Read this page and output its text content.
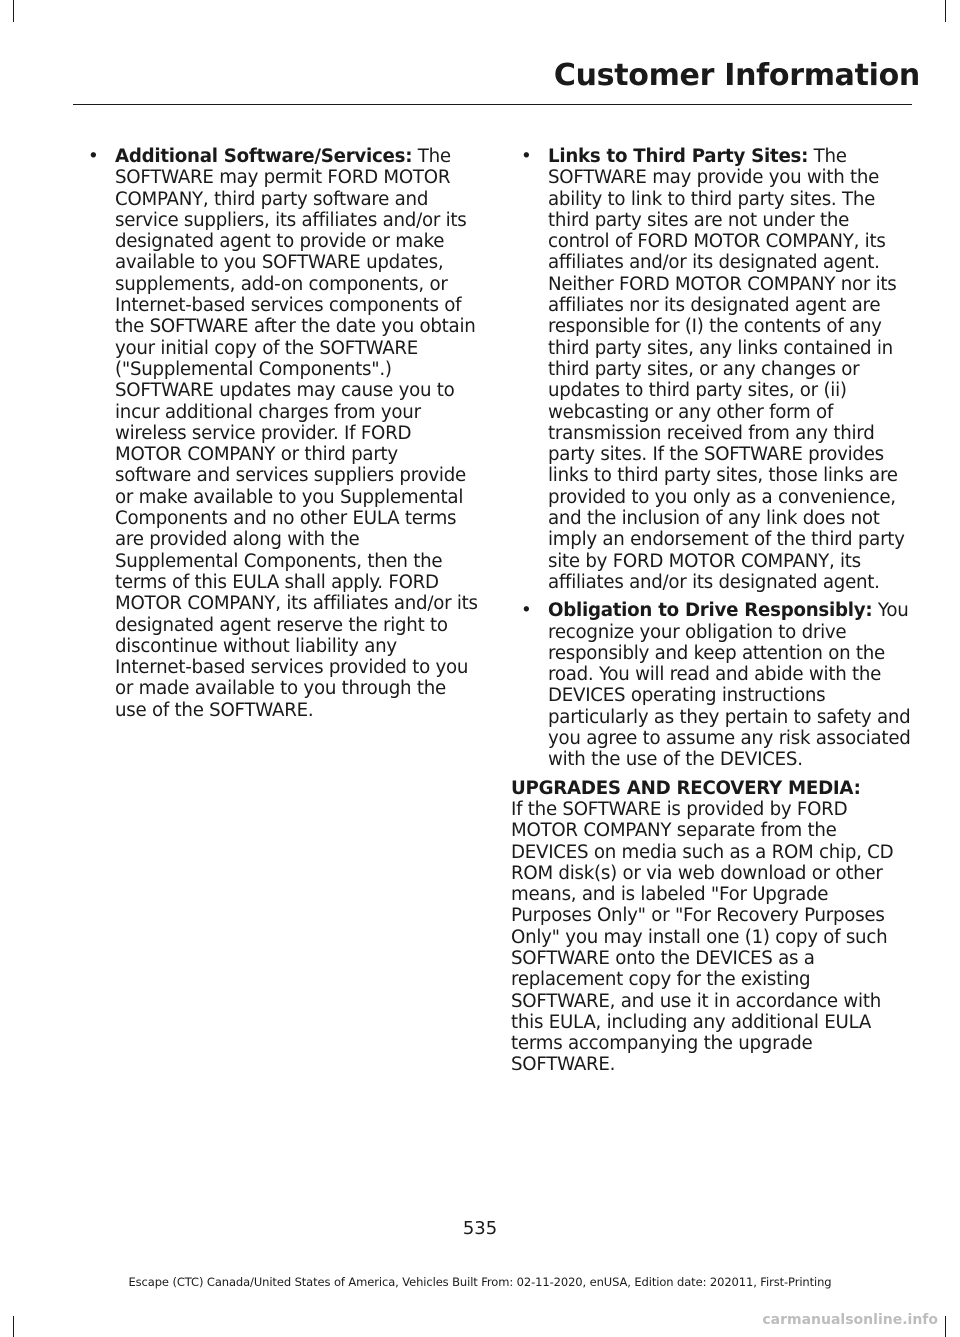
Customer Information

• Additional Software/Services: The SOFTWARE may permit FORD MOTOR COMPANY, third party software and service suppliers, its affiliates and/or its designated agent to provide or make available to you SOFTWARE updates, supplements, add-on components, or Internet-based services components of the SOFTWARE after the date you obtain your initial copy of the SOFTWARE ("Supplemental Components".) SOFTWARE updates may cause you to incur additional charges from your wireless service provider. If FORD MOTOR COMPANY or third party software and services suppliers provide or make available to you Supplemental Components and no other EULA terms are provided along with the Supplemental Components, then the terms of this EULA shall apply. FORD MOTOR COMPANY, its affiliates and/or its designated agent reserve the right to discontinue without liability any Internet-based services provided to you or made available to you through the use of the SOFTWARE.

• Links to Third Party Sites: The SOFTWARE may provide you with the ability to link to third party sites. The third party sites are not under the control of FORD MOTOR COMPANY, its affiliates and/or its designated agent. Neither FORD MOTOR COMPANY nor its affiliates nor its designated agent are responsible for (I) the contents of any third party sites, any links contained in third party sites, or any changes or updates to third party sites, or (ii) webcasting or any other form of transmission received from any third party sites. If the SOFTWARE provides links to third party sites, those links are provided to you only as a convenience, and the inclusion of any link does not imply an endorsement of the third party site by FORD MOTOR COMPANY, its affiliates and/or its designated agent.

• Obligation to Drive Responsibly: You recognize your obligation to drive responsibly and keep attention on the road. You will read and abide with the DEVICES operating instructions particularly as they pertain to safety and you agree to assume any risk associated with the use of the DEVICES.

UPGRADES AND RECOVERY MEDIA:
If the SOFTWARE is provided by FORD MOTOR COMPANY separate from the DEVICES on media such as a ROM chip, CD ROM disk(s) or via web download or other means, and is labeled "For Upgrade Purposes Only" or "For Recovery Purposes Only" you may install one (1) copy of such SOFTWARE onto the DEVICES as a replacement copy for the existing SOFTWARE, and use it in accordance with this EULA, including any additional EULA terms accompanying the upgrade SOFTWARE.

535
Escape (CTC) Canada/United States of America, Vehicles Built From: 02-11-2020, enUSA, Edition date: 202011, First-Printing
carmanualsonline.info
